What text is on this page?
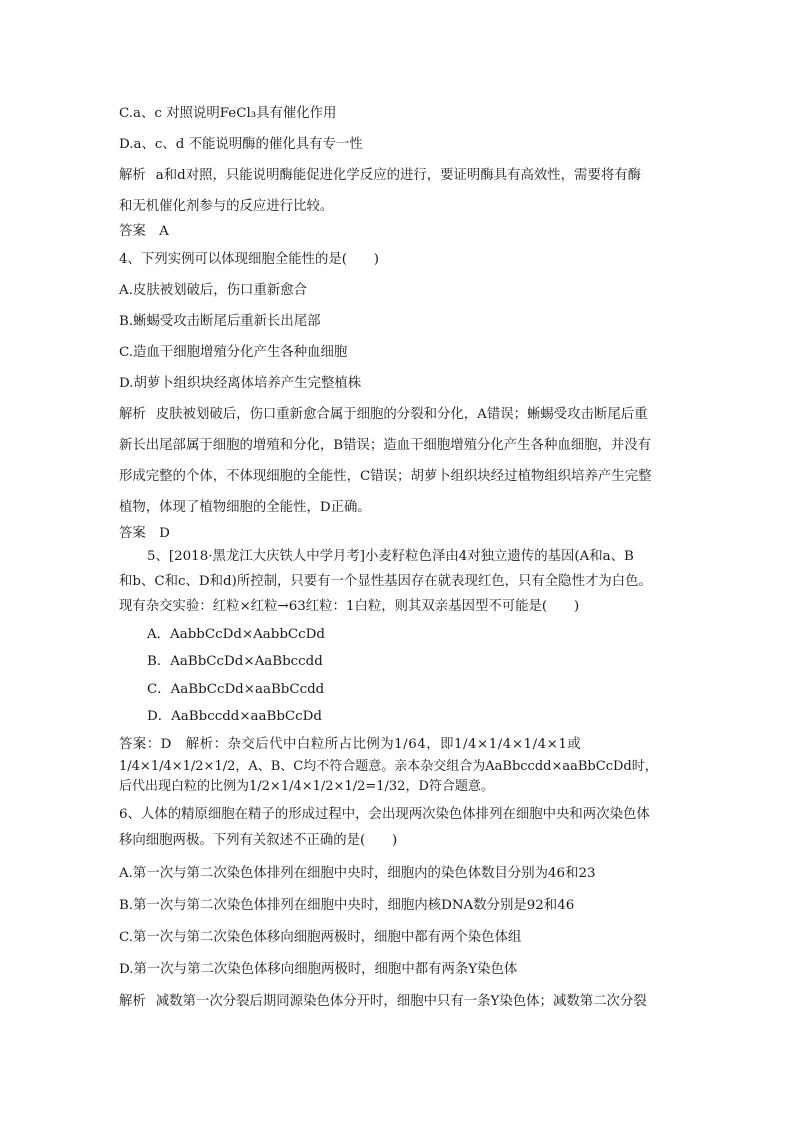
C.a、c 对照说明FeCl₃具有催化作用
D.a、c、d 不能说明酶的催化具有专一性
解析 a和d对照，只能说明酶能促进化学反应的进行，要证明酶具有高效性，需要将有酶
和无机催化剂参与的反应进行比较。
答案　A
4、下列实例可以体现细胞全能性的是(　　)
A.皮肤被划破后，伤口重新愈合
B.蜥蜴受攻击断尾后重新长出尾部
C.造血干细胞增殖分化产生各种血细胞
D.胡萝卜组织块经离体培养产生完整植株
解析 皮肤被划破后，伤口重新愈合属于细胞的分裂和分化，A错误；蜥蜴受攻击断尾后重
新长出尾部属于细胞的增殖和分化，B错误；造血干细胞增殖分化产生各种血细胞，并没有
形成完整的个体，不体现细胞的全能性，C错误；胡萝卜组织块经过植物组织培养产生完整
植物，体现了植物细胞的全能性，D正确。
答案　D
5、[2018·黑龙江大庆铁人中学月考]小麦籽粒色泽由4对独立遗传的基因(A和a、B
和b、C和c、D和d)所控制，只要有一个显性基因存在就表现红色，只有全隐性才为白色。
现有杂交实验：红粒×红粒→63红粒：1白粒，则其双亲基因型不可能是(　　)
A．AabbCcDd×AabbCcDd
B．AaBbCcDd×AaBbccdd
C．AaBbCcDd×aaBbCcdd
D．AaBbccdd×aaBbCcDd
答案：D　解析：杂交后代中白粒所占比例为1/64，即1/4×1/4×1/4×1或
1/4×1/4×1/2×1/2，A、B、C均不符合题意。亲本杂交组合为AaBbccdd×aaBbCcDd时，
后代出现白粒的比例为1/2×1/4×1/2×1/2=1/32，D符合题意。
6、人体的精原细胞在精子的形成过程中，会出现两次染色体排列在细胞中央和两次染色体
移向细胞两极。下列有关叙述不正确的是(　　)
A.第一次与第二次染色体排列在细胞中央时，细胞内的染色体数目分别为46和23
B.第一次与第二次染色体排列在细胞中央时，细胞内核DNA数分别是92和46
C.第一次与第二次染色体移向细胞两极时，细胞中都有两个染色体组
D.第一次与第二次染色体移向细胞两极时，细胞中都有两条Y染色体
解析 减数第一次分裂后期同源染色体分开时，细胞中只有一条Y染色体；减数第二次分裂
